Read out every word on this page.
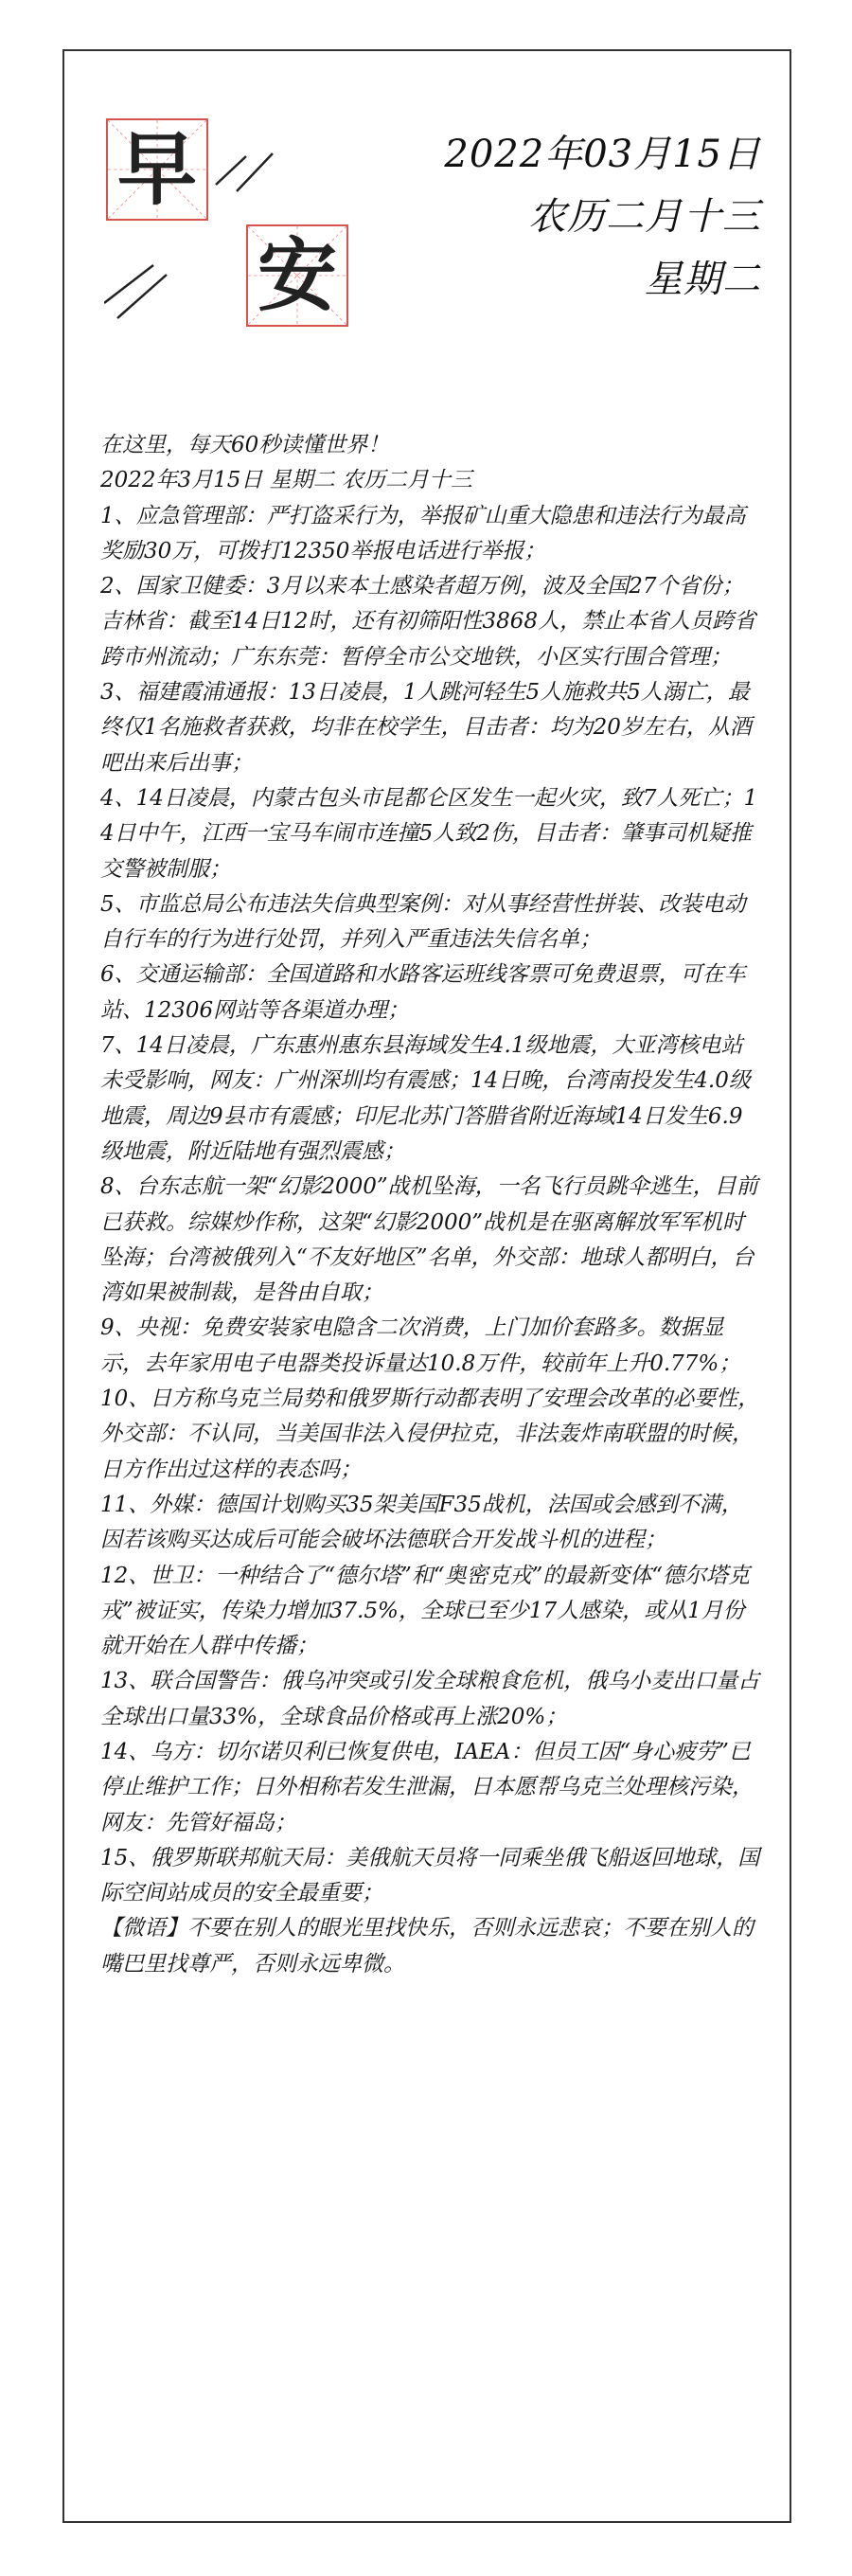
早
安
2022年03月15日
农历二月十三
星期二

在这里，每天60秒读懂世界！

2022年3月15日 星期二 农历二月十三

1、应急管理部：严打盗采行为，举报矿山重大隐患和违法行为最高奖励30万，可拨打12350举报电话进行举报；

2、国家卫健委：3月以来本土感染者超万例，波及全国27个省份；吉林省：截至14日12时，还有初筛阳性3868人，禁止本省人员跨省跨市州流动；广东东莞：暂停全市公交地铁，小区实行围合管理；

3、福建霞浦通报：13日凌晨，1人跳河轻生5人施救共5人溺亡，最终仅1名施救者获救，均非在校学生，目击者：均为20岁左右，从酒吧出来后出事；

4、14日凌晨，内蒙古包头市昆都仑区发生一起火灾，致7人死亡；14日中午，江西一宝马车闹市连撞5人致2伤，目击者：肇事司机疑推交警被制服；

5、市监总局公布违法失信典型案例：对从事经营性拼装、改装电动自行车的行为进行处罚，并列入严重违法失信名单；

6、交通运输部：全国道路和水路客运班线客票可免费退票，可在车站、12306网站等各渠道办理；

7、14日凌晨，广东惠州惠东县海域发生4.1级地震，大亚湾核电站未受影响，网友：广州深圳均有震感；14日晚，台湾南投发生4.0级地震，周边9县市有震感；印尼北苏门答腊省附近海域14日发生6.9级地震，附近陆地有强烈震感；

8、台东志航一架“幻影2000”战机坠海，一名飞行员跳伞逃生，目前已获救。综媒炒作称，这架“幻影2000”战机是在驱离解放军军机时坠海；台湾被俄列入“不友好地区”名单，外交部：地球人都明白，台湾如果被制裁，是咎由自取；

9、央视：免费安装家电隐含二次消费，上门加价套路多。数据显示，去年家用电子电器类投诉量达10.8万件，较前年上升0.77%；

10、日方称乌克兰局势和俄罗斯行动都表明了安理会改革的必要性，外交部：不认同，当美国非法入侵伊拉克，非法轰炸南联盟的时候，日方作出过这样的表态吗；

11、外媒：德国计划购买35架美国F35战机，法国或会感到不满，因若该购买达成后可能会破坏法德联合开发战斗机的进程；

12、世卫：一种结合了“德尔塔”和“奥密克戎”的最新变体“德尔塔克戎”被证实，传染力增加37.5%，全球已至少17人感染，或从1月份就开始在人群中传播；

13、联合国警告：俄乌冲突或引发全球粮食危机，俄乌小麦出口量占全球出口量33%，全球食品价格或再上涨20%；

14、乌方：切尔诺贝利已恢复供电，IAEA：但员工因“身心疲劳”已停止维护工作；日外相称若发生泄漏，日本愿帮乌克兰处理核污染，网友：先管好福岛；

15、俄罗斯联邦航天局：美俄航天员将一同乘坐俄飞船返回地球，国际空间站成员的安全最重要；

【微语】不要在别人的眼光里找快乐，否则永远悲哀；不要在别人的嘴巴里找尊严，否则永远卑微。
